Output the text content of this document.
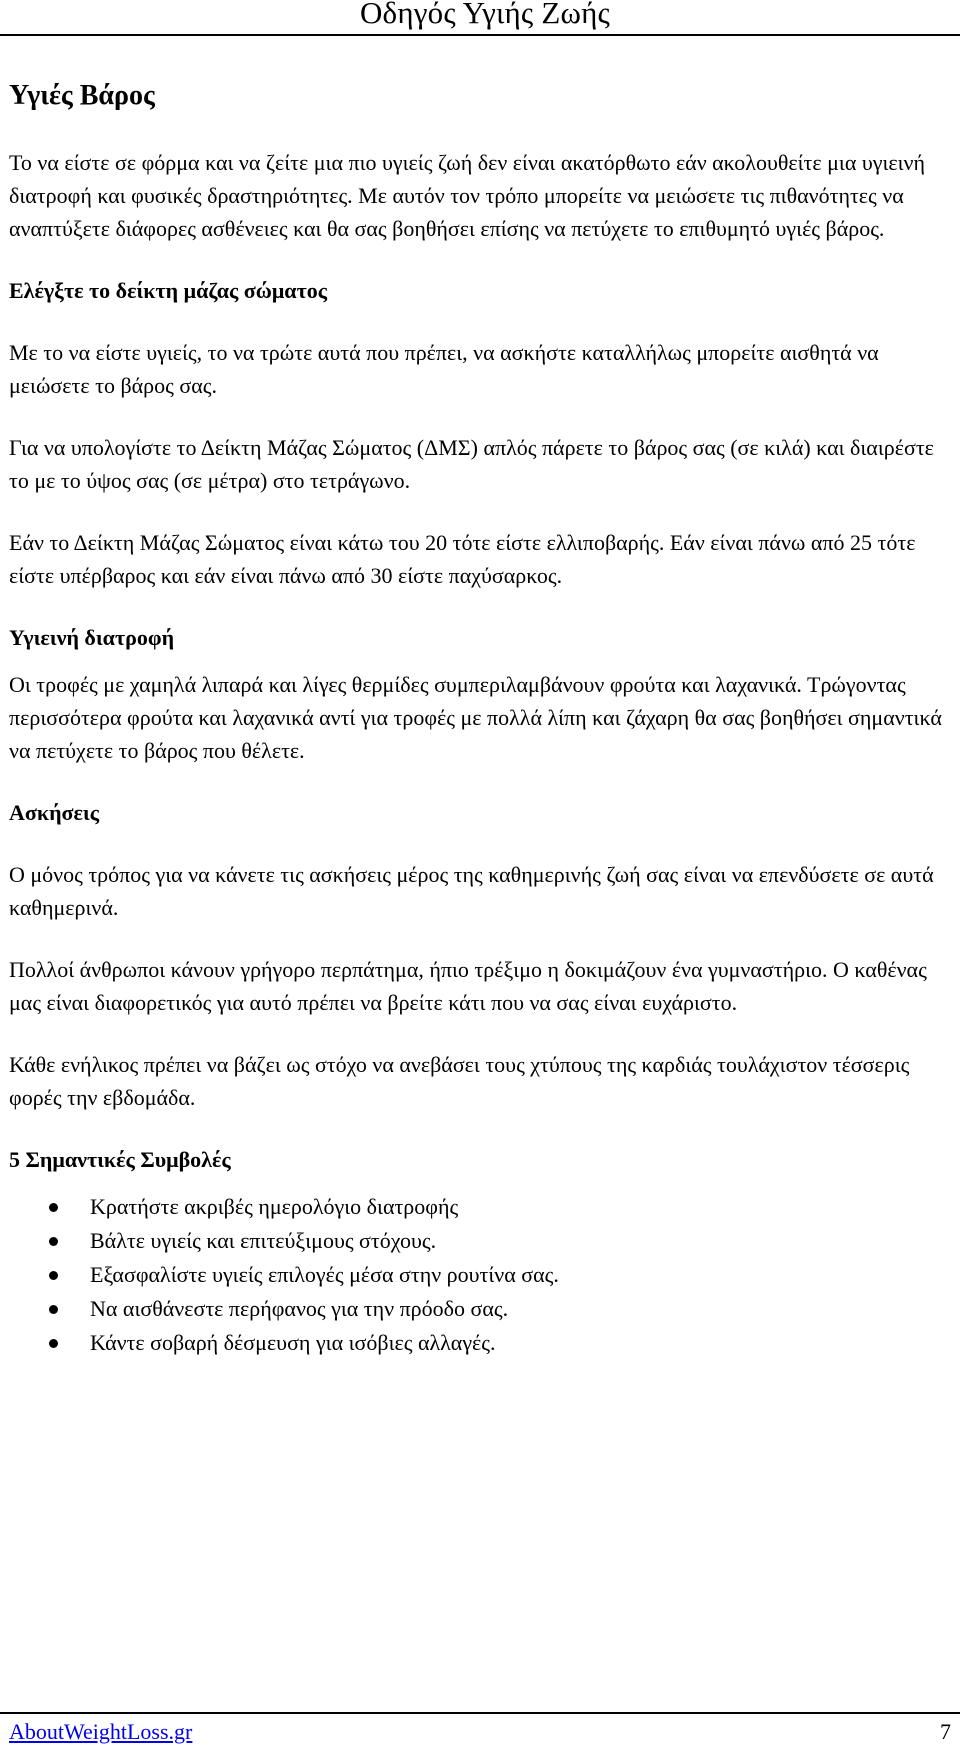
Οδηγός Υγιής Ζωής
Υγιές Βάρος

Το να είστε σε φόρμα και να ζείτε μια πιο υγιείς ζωή δεν είναι ακατόρθωτο εάν ακολουθείτε μια υγιεινή διατροφή και φυσικές δραστηριότητες. Με αυτόν τον τρόπο μπορείτε να μειώσετε τις πιθανότητες να αναπτύξετε διάφορες ασθένειες και θα σας βοηθήσει επίσης να πετύχετε το επιθυμητό υγιές βάρος.

Ελέγξτε το δείκτη μάζας σώματος

Με το να είστε υγιείς, το να τρώτε αυτά που πρέπει, να ασκήστε καταλλήλως μπορείτε αισθητά να μειώσετε το βάρος σας.

Για να υπολογίστε το Δείκτη Μάζας Σώματος (ΔΜΣ) απλός πάρετε το βάρος σας (σε κιλά) και διαιρέστε το με το ύψος σας (σε μέτρα) στο τετράγωνο.

Εάν το Δείκτη Μάζας Σώματος είναι κάτω του 20 τότε είστε ελλιποβαρής. Εάν είναι πάνω από 25 τότε είστε υπέρβαρος και εάν είναι πάνω από 30 είστε παχύσαρκος.

Υγιεινή διατροφή

Οι τροφές με χαμηλά λιπαρά και λίγες θερμίδες συμπεριλαμβάνουν φρούτα και λαχανικά. Τρώγοντας περισσότερα φρούτα και λαχανικά αντί για τροφές με πολλά λίπη και ζάχαρη θα σας βοηθήσει σημαντικά να πετύχετε το βάρος που θέλετε.

Ασκήσεις

Ο μόνος τρόπος για να κάνετε τις ασκήσεις μέρος της καθημερινής ζωή σας είναι να επενδύσετε σε αυτά καθημερινά.

Πολλοί άνθρωποι κάνουν γρήγορο περπάτημα, ήπιο τρέξιμο η δοκιμάζουν ένα γυμναστήριο. Ο καθένας μας είναι διαφορετικός για αυτό πρέπει να βρείτε κάτι που να σας είναι ευχάριστο.

Κάθε ενήλικος πρέπει να βάζει ως στόχο να ανεβάσει τους χτύπους της καρδιάς τουλάχιστον τέσσερις φορές την εβδομάδα.

5 Σημαντικές Συμβολές
Κρατήστε ακριβές ημερολόγιο διατροφής
Βάλτε υγιείς και επιτεύξιμους στόχους.
Εξασφαλίστε υγιείς επιλογές μέσα στην ρουτίνα σας.
Να αισθάνεστε περήφανος για την πρόοδο σας.
Κάντε σοβαρή δέσμευση για ισόβιες αλλαγές.
AboutWeightLoss.gr	7
